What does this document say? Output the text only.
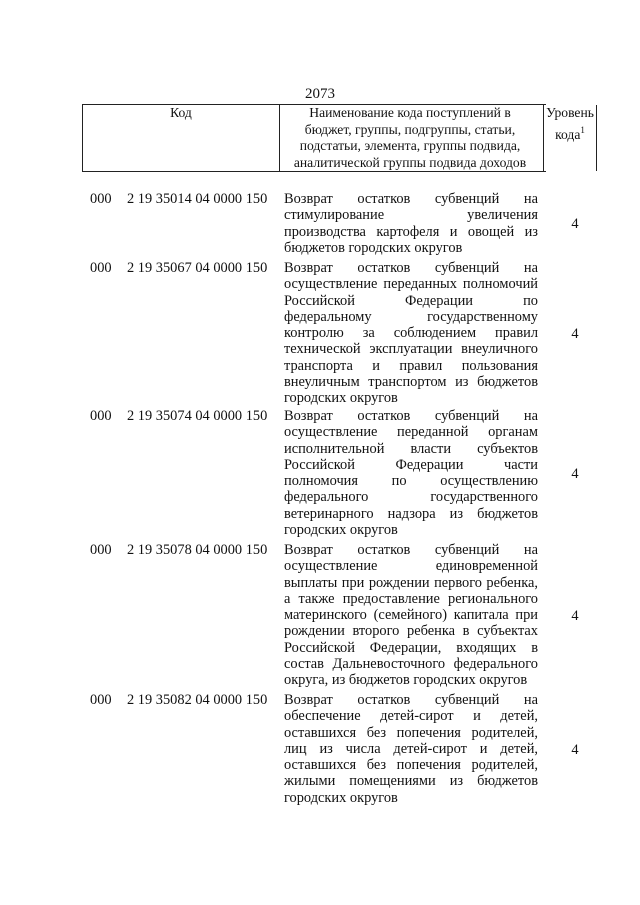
2073
Код	Наименование кода поступлений в
бюджет, группы, подгруппы, статьи,
подстатьи, элемента, группы подвида,
аналитической группы подвида доходов
Уровень
кода$^1$
000 2 19 35014 04 0000 150 Возврат остатков субвенций на
стимулирование увеличения
производства картофеля и овощей из
бюджетов городских округов
4
000 2 19 35067 04 0000 150 Возврат остатков субвенций на
осуществление переданных полномочий
Российской Федерации по
федеральному государственному
контролю за соблюдением правил
технической эксплуатации внеуличного
транспорта и правил пользования
внеуличным транспортом из бюджетов
городских округов
4
000 2 19 35074 04 0000 150 Возврат остатков субвенций на
осуществление переданной органам
исполнительной власти субъектов
Российской Федерации части
полномочия по осуществлению
федерального государственного
ветеринарного надзора из бюджетов
городских округов
4
000 2 19 35078 04 0000 150 Возврат остатков субвенций на
осуществление единовременной
выплаты при рождении первого ребенка,
а также предоставление регионального
материнского (семейного) капитала при
рождении второго ребенка в субъектах
Российской Федерации, входящих в
состав Дальневосточного федерального
округа, из бюджетов городских округов
4
000 2 19 35082 04 0000 150 Возврат остатков субвенций на
обеспечение детей-сирот и детей,
оставшихся без попечения родителей,
лиц из числа детей-сирот и детей,
оставшихся без попечения родителей,
жилыми помещениями из бюджетов
городских округов
4
